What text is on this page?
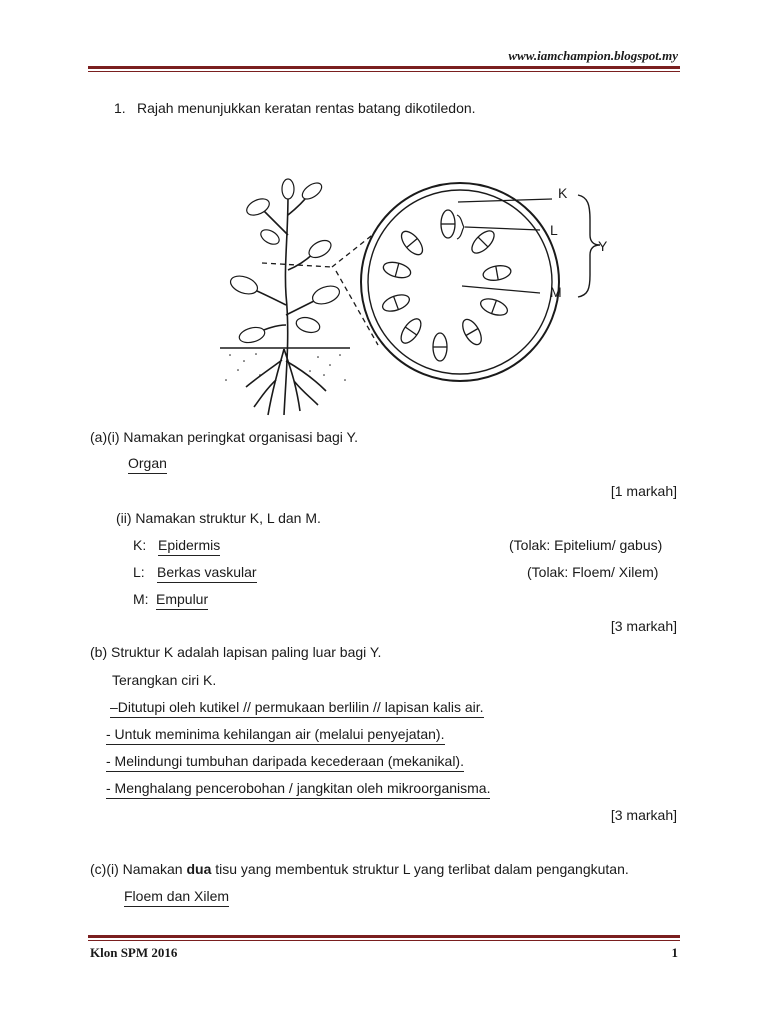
www.iamchampion.blogspot.my
1. Rajah menunjukkan keratan rentas batang dikotiledon.
K
L
M
Y
(a)(i) Namakan peringkat organisasi bagi Y.
Organ
[1 markah]
(ii) Namakan struktur K, L dan M.
K: Epidermis	(Tolak: Epitelium/ gabus)
L: Berkas vaskular	(Tolak: Floem/ Xilem)
M: Empulur
[3 markah]
(b) Struktur K adalah lapisan paling luar bagi Y.
Terangkan ciri K.
–Ditutupi oleh kutikel // permukaan berlilin // lapisan kalis air.
- Untuk meminima kehilangan air (melalui penyejatan).
- Melindungi tumbuhan daripada kecederaan (mekanikal).
- Menghalang pencerobohan / jangkitan oleh mikroorganisma.
[3 markah]
(c)(i) Namakan dua tisu yang membentuk struktur L yang terlibat dalam pengangkutan.
Floem dan Xilem
Klon SPM 2016	1
